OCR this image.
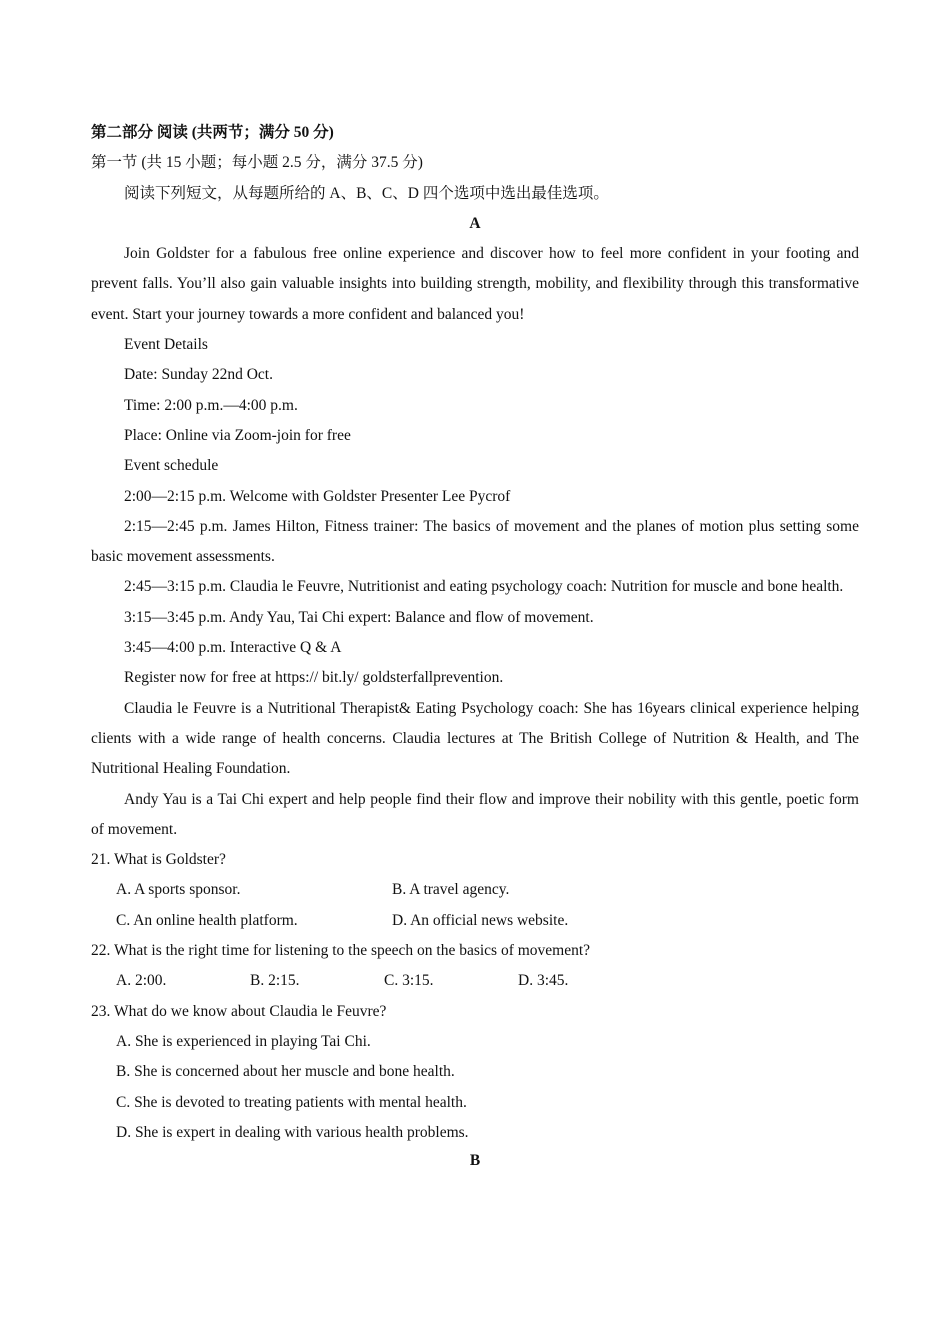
第二部分 阅读 (共两节；满分 50 分)
第一节 (共 15 小题；每小题 2.5 分，满分 37.5 分)
阅读下列短文，从每题所给的 A、B、C、D 四个选项中选出最佳选项。
A
Join Goldster for a fabulous free online experience and discover how to feel more confident in your footing and prevent falls. You’ll also gain valuable insights into building strength, mobility, and flexibility through this transformative event. Start your journey towards a more confident and balanced you!
Event Details
Date: Sunday 22nd Oct.
Time: 2:00 p.m.—4:00 p.m.
Place: Online via Zoom-join for free
Event schedule
2:00—2:15 p.m. Welcome with Goldster Presenter Lee Pycrof
2:15—2:45 p.m. James Hilton, Fitness trainer: The basics of movement and the planes of motion plus setting some basic movement assessments.
2:45—3:15 p.m. Claudia le Feuvre, Nutritionist and eating psychology coach: Nutrition for muscle and bone health.
3:15—3:45 p.m. Andy Yau, Tai Chi expert: Balance and flow of movement.
3:45—4:00 p.m. Interactive Q & A
Register now for free at https:// bit.ly/ goldsterfallprevention.
Claudia le Feuvre is a Nutritional Therapist& Eating Psychology coach: She has 16years clinical experience helping clients with a wide range of health concerns. Claudia lectures at The British College of Nutrition & Health, and The Nutritional Healing Foundation.
Andy Yau is a Tai Chi expert and help people find their flow and improve their nobility with this gentle, poetic form of movement.
21. What is Goldster?
A. A sports sponsor.	B. A travel agency.
C. An online health platform.	D. An official news website.
22. What is the right time for listening to the speech on the basics of movement?
A. 2:00.	B. 2:15.	C. 3:15.	D. 3:45.
23. What do we know about Claudia le Feuvre?
A. She is experienced in playing Tai Chi.
B. She is concerned about her muscle and bone health.
C. She is devoted to treating patients with mental health.
D. She is expert in dealing with various health problems.
B
